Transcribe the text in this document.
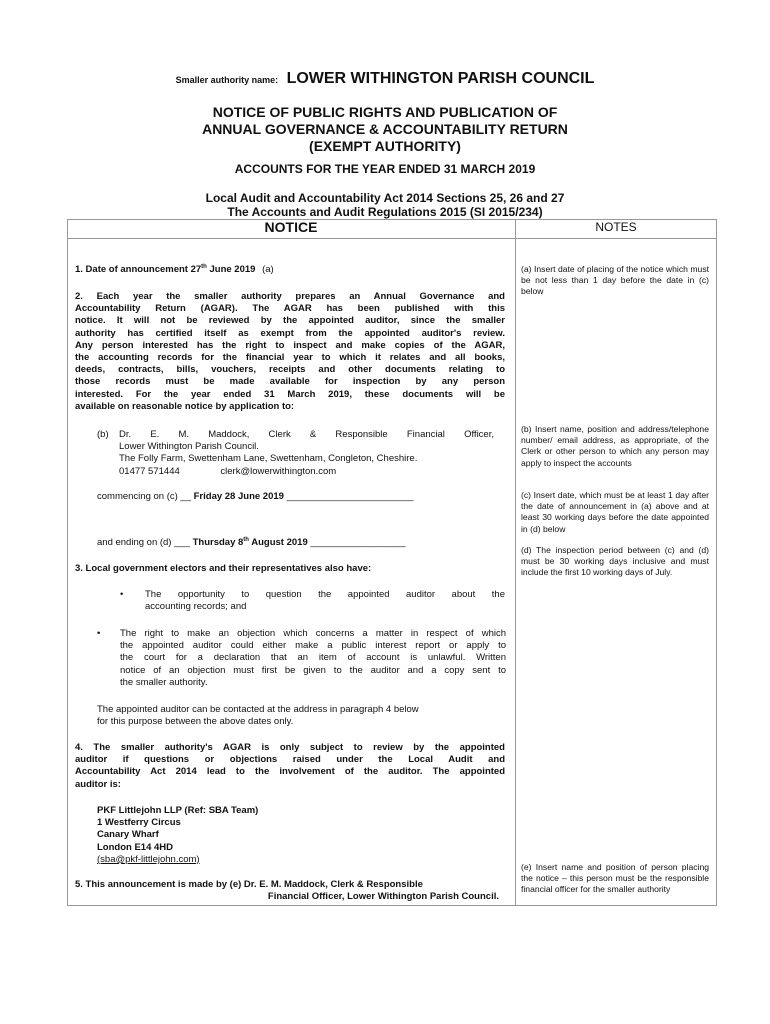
Smaller authority name: LOWER WITHINGTON PARISH COUNCIL
NOTICE OF PUBLIC RIGHTS AND PUBLICATION OF
ANNUAL GOVERNANCE & ACCOUNTABILITY RETURN
(EXEMPT AUTHORITY)
ACCOUNTS FOR THE YEAR ENDED 31 MARCH 2019
Local Audit and Accountability Act 2014 Sections 25, 26 and 27
The Accounts and Audit Regulations 2015 (SI 2015/234)
NOTICE	NOTES
1. Date of announcement 27th June 2019 (a)
2. Each year the smaller authority prepares an Annual Governance and
Accountability Return (AGAR). The AGAR has been published with this
notice. It will not be reviewed by the appointed auditor, since the smaller
authority has certified itself as exempt from the appointed auditor's review.
Any person interested has the right to inspect and make copies of the AGAR,
the accounting records for the financial year to which it relates and all books,
deeds, contracts, bills, vouchers, receipts and other documents relating to
those records must be made available for inspection by any person
interested. For the year ended 31 March 2019, these documents will be
available on reasonable notice by application to:
(b)	Dr. E. M. Maddock, Clerk & Responsible Financial Officer,
Lower Withington Parish Council.
The Folly Farm, Swettenham Lane, Swettenham, Congleton, Cheshire.
01477 571444	clerk@lowerwithington.com
commencing on (c) __ Friday 28 June 2019 ________________________
and ending on (d) ___ Thursday 8th August 2019 __________________
3. Local government electors and their representatives also have:
•	The opportunity to question the appointed auditor about the
accounting records; and
•	The right to make an objection which concerns a matter in respect of which
the appointed auditor could either make a public interest report or apply to
the court for a declaration that an item of account is unlawful. Written
notice of an objection must first be given to the auditor and a copy sent to
the smaller authority.
The appointed auditor can be contacted at the address in paragraph 4 below
for this purpose between the above dates only.
4. The smaller authority's AGAR is only subject to review by the appointed
auditor if questions or objections raised under the Local Audit and
Accountability Act 2014 lead to the involvement of the auditor. The appointed
auditor is:
PKF Littlejohn LLP (Ref: SBA Team)
1 Westferry Circus
Canary Wharf
London E14 4HD
(sba@pkf-littlejohn.com)
5. This announcement is made by (e) Dr. E. M. Maddock, Clerk & Responsible
Financial Officer, Lower Withington Parish Council.
(a) Insert date of placing of the notice which must be not less than 1 day before the date in (c) below
(b) Insert name, position and address/telephone number/ email address, as appropriate, of the Clerk or other person to which any person may apply to inspect the accounts
(c) Insert date, which must be at least 1 day after the date of announcement in (a) above and at least 30 working days before the date appointed in (d) below
(d) The inspection period between (c) and (d) must be 30 working days inclusive and must include the first 10 working days of July.
(e) Insert name and position of person placing the notice – this person must be the responsible financial officer for the smaller authority
